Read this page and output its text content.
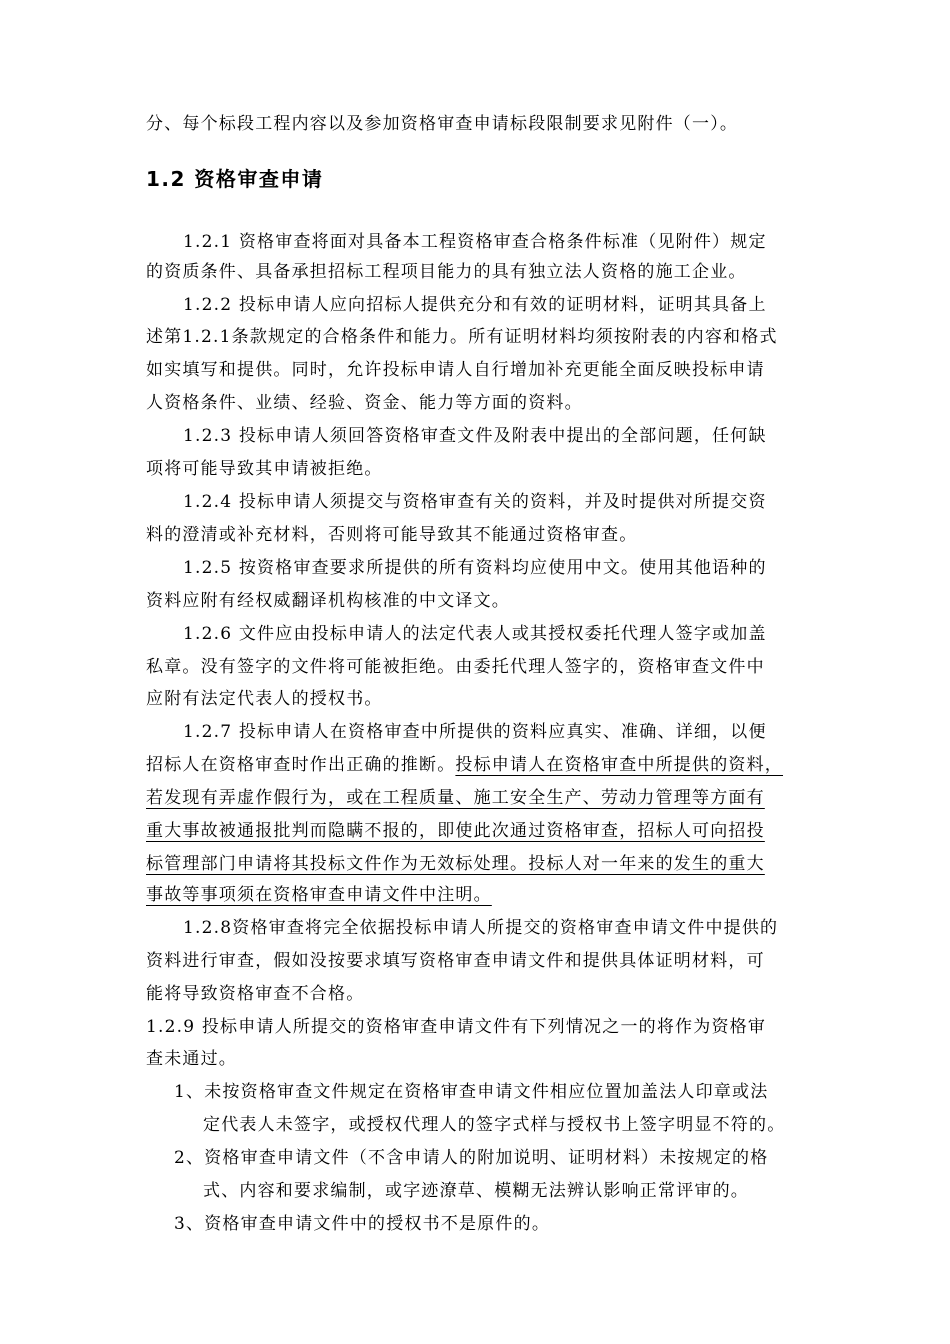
分、每个标段工程内容以及参加资格审查申请标段限制要求见附件（一）。
1.2 资格审查申请
1.2.1 资格审查将面对具备本工程资格审查合格条件标准（见附件）规定
的资质条件、具备承担招标工程项目能力的具有独立法人资格的施工企业。
1.2.2 投标申请人应向招标人提供充分和有效的证明材料，证明其具备上
述第1.2.1条款规定的合格条件和能力。所有证明材料均须按附表的内容和格式
如实填写和提供。同时，允许投标申请人自行增加补充更能全面反映投标申请
人资格条件、业绩、经验、资金、能力等方面的资料。
1.2.3 投标申请人须回答资格审查文件及附表中提出的全部问题，任何缺
项将可能导致其申请被拒绝。
1.2.4 投标申请人须提交与资格审查有关的资料，并及时提供对所提交资
料的澄清或补充材料，否则将可能导致其不能通过资格审查。
1.2.5 按资格审查要求所提供的所有资料均应使用中文。使用其他语种的
资料应附有经权威翻译机构核准的中文译文。
1.2.6 文件应由投标申请人的法定代表人或其授权委托代理人签字或加盖
私章。没有签字的文件将可能被拒绝。由委托代理人签字的，资格审查文件中
应附有法定代表人的授权书。
1.2.7 投标申请人在资格审查中所提供的资料应真实、准确、详细，以便
招标人在资格审查时作出正确的推断。投标申请人在资格审查中所提供的资料，
若发现有弄虚作假行为，或在工程质量、施工安全生产、劳动力管理等方面有
重大事故被通报批判而隐瞒不报的，即使此次通过资格审查，招标人可向招投
标管理部门申请将其投标文件作为无效标处理。投标人对一年来的发生的重大
事故等事项须在资格审查申请文件中注明。
1.2.8资格审查将完全依据投标申请人所提交的资格审查申请文件中提供的
资料进行审查，假如没按要求填写资格审查申请文件和提供具体证明材料，可
能将导致资格审查不合格。
1.2.9 投标申请人所提交的资格审查申请文件有下列情况之一的将作为资格审
查未通过。
1、未按资格审查文件规定在资格审查申请文件相应位置加盖法人印章或法
定代表人未签字，或授权代理人的签字式样与授权书上签字明显不符的。
2、资格审查申请文件（不含申请人的附加说明、证明材料）未按规定的格
式、内容和要求编制，或字迹潦草、模糊无法辨认影响正常评审的。
3、资格审查申请文件中的授权书不是原件的。
